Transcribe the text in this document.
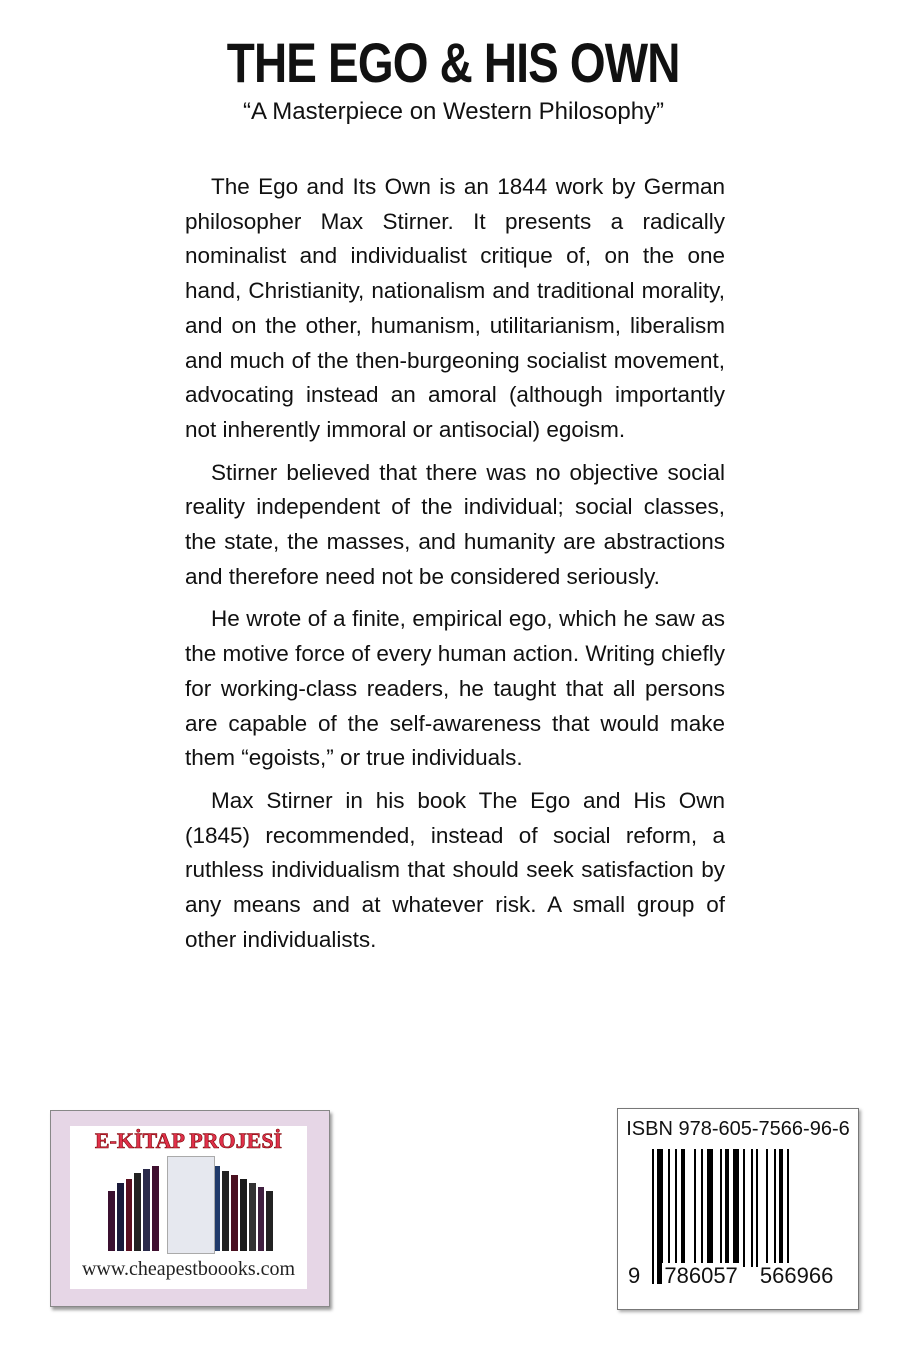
THE EGO & HIS OWN
“A Masterpiece on Western Philosophy”

The Ego and Its Own is an 1844 work by German philosopher Max Stirner. It presents a radically nominalist and individualist critique of, on the one hand, Christianity, nationalism and traditional morality, and on the other, humanism, utilitarianism, liberalism and much of the then-burgeoning socialist movement, advocating instead an amoral (although importantly not inherently immoral or antisocial) egoism.

Stirner believed that there was no objective social reality independent of the individual; social classes, the state, the masses, and humanity are abstractions and therefore need not be considered seriously.

He wrote of a finite, empirical ego, which he saw as the motive force of every human action. Writing chiefly for working-class readers, he taught that all persons are capable of the self-awareness that would make them “egoists,” or true individuals.

Max Stirner in his book The Ego and His Own (1845) recommended, instead of social reform, a ruthless individualism that should seek satisfaction by any means and at whatever risk. A small group of other individualists.

E-KİTAP PROJESİ
www.cheapestboooks.com
ISBN 978-605-7566-96-6
9 786057 566966
